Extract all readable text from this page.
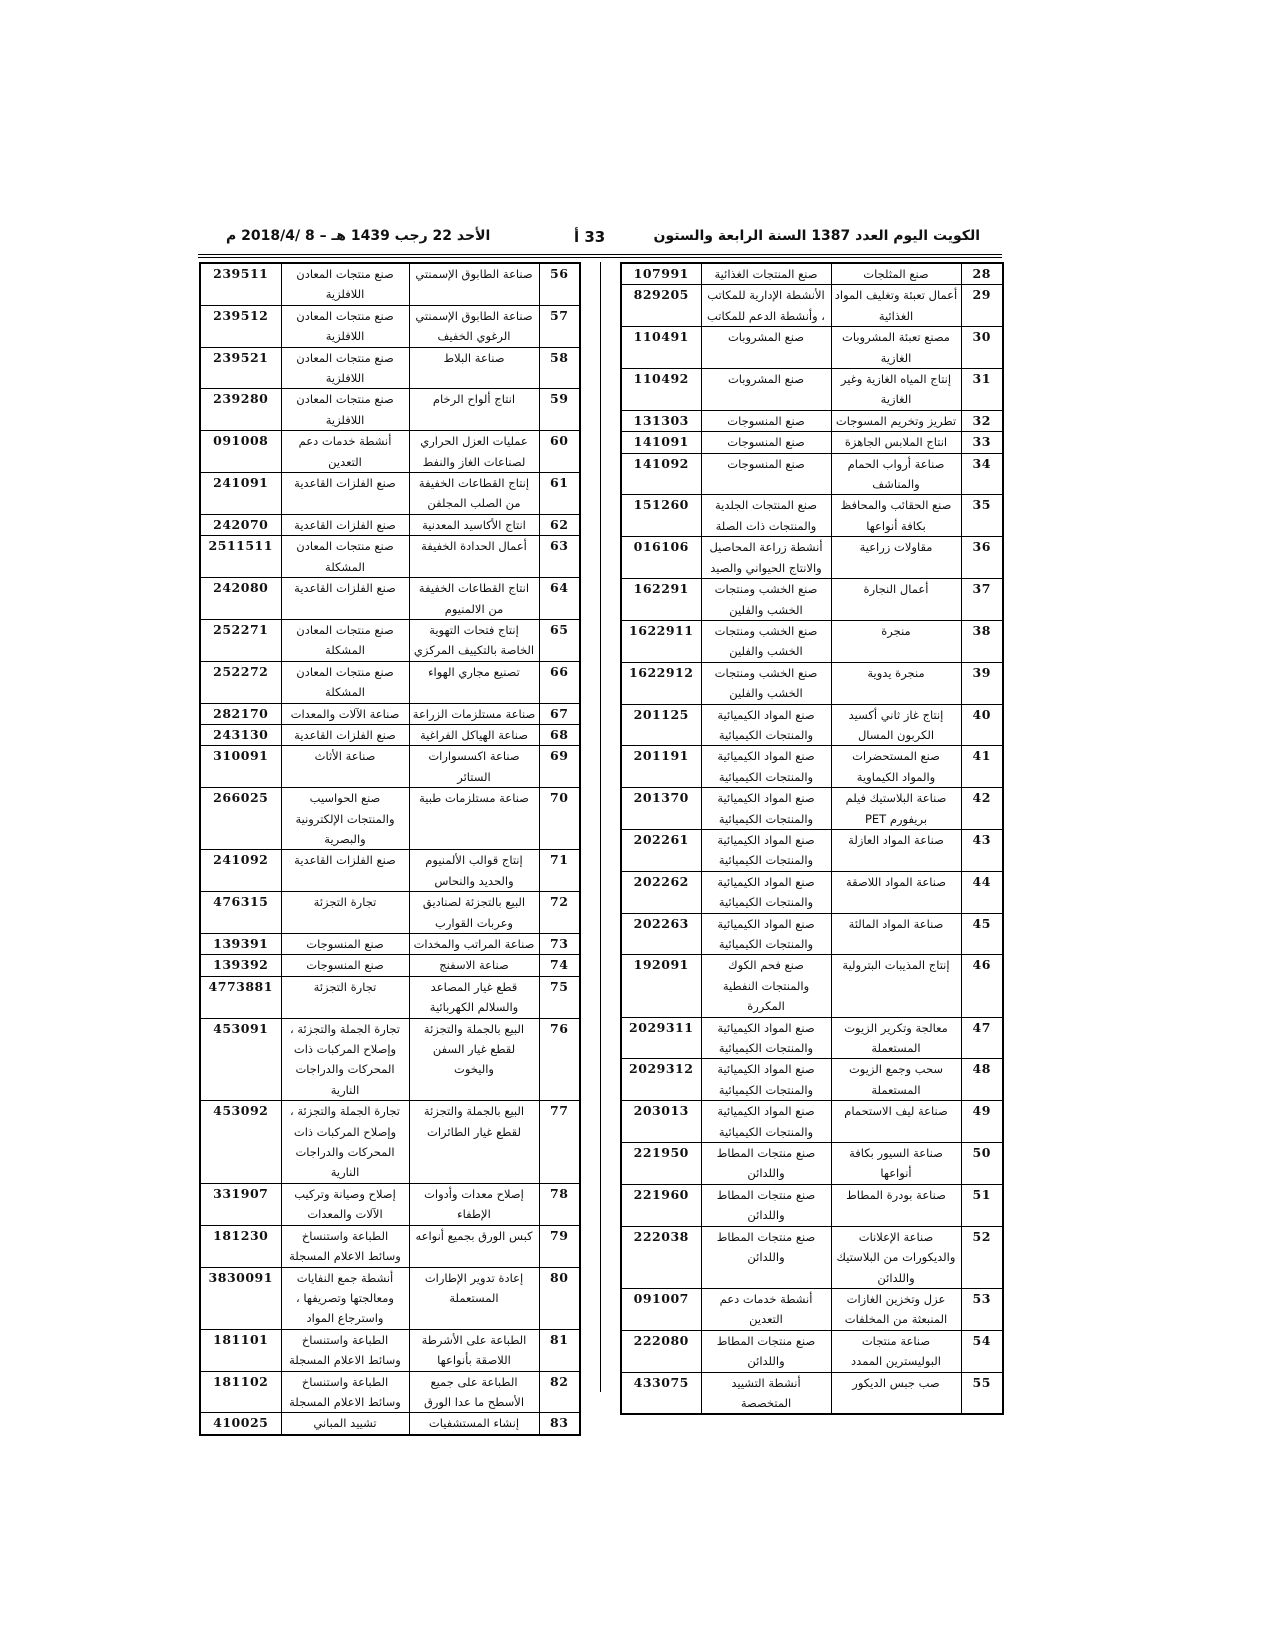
الكويت اليوم العدد 1387 السنة الرابعة والستون
33 أ
الأحد 22 رجب 1439 هـ – 8 /2018/4 م
28	صنع المثلجات	صنع المنتجات الغذائية	107991
29	أعمال تعبئة وتغليف المواد الغذائية	الأنشطة الإدارية للمكاتب ، وأنشطة الدعم للمكاتب	829205
30	مصنع تعبئة المشروبات الغازية	صنع المشروبات	110491
31	إنتاج المياه الغازية وغير الغازية	صنع المشروبات	110492
32	تطريز وتخريم المسوجات	صنع المنسوجات	131303
33	انتاج الملابس الجاهزة	صنع المنسوجات	141091
34	صناعة أرواب الحمام والمناشف	صنع المنسوجات	141092
35	صنع الحقائب والمحافظ بكافة أنواعها	صنع المنتجات الجلدية والمنتجات ذات الصلة	151260
36	مقاولات زراعية	أنشطة زراعة المحاصيل والانتاج الحيواني والصيد	016106
37	أعمال النجارة	صنع الخشب ومنتجات الخشب والفلين	162291
38	منجرة	صنع الخشب ومنتجات الخشب والفلين	1622911
39	منجرة يدوية	صنع الخشب ومنتجات الخشب والفلين	1622912
40	إنتاج غاز ثاني أكسيد الكربون المسال	صنع المواد الكيميائية والمنتجات الكيميائية	201125
41	صنع المستحضرات والمواد الكيماوية	صنع المواد الكيميائية والمنتجات الكيميائية	201191
42	صناعة البلاستيك فيلم بريفورم PET	صنع المواد الكيميائية والمنتجات الكيميائية	201370
43	صناعة المواد العازلة	صنع المواد الكيميائية والمنتجات الكيميائية	202261
44	صناعة المواد اللاصقة	صنع المواد الكيميائية والمنتجات الكيميائية	202262
45	صناعة المواد المالئة	صنع المواد الكيميائية والمنتجات الكيميائية	202263
46	إنتاج المذيبات البترولية	صنع فحم الكوك والمنتجات النفطية المكررة	192091
47	معالجة وتكرير الزيوت المستعملة	صنع المواد الكيميائية والمنتجات الكيميائية	2029311
48	سحب وجمع الزيوت المستعملة	صنع المواد الكيميائية والمنتجات الكيميائية	2029312
49	صناعة ليف الاستحمام	صنع المواد الكيميائية والمنتجات الكيميائية	203013
50	صناعة السيور بكافة أنواعها	صنع منتجات المطاط واللدائن	221950
51	صناعة بودرة المطاط	صنع منتجات المطاط واللدائن	221960
52	صناعة الإعلانات والديكورات من البلاستيك واللدائن	صنع منتجات المطاط واللدائن	222038
53	عزل وتخزين الغازات المنبعثة من المخلفات	أنشطة خدمات دعم التعدين	091007
54	صناعة منتجات البوليسترين الممدد	صنع منتجات المطاط واللدائن	222080
55	صب جبس الديكور	أنشطة التشييد المتخصصة	433075
56	صناعة الطابوق الإسمنتي	صنع منتجات المعادن اللافلزية	239511
57	صناعة الطابوق الإسمنتي الرغوي الخفيف	صنع منتجات المعادن اللافلزية	239512
58	صناعة البلاط	صنع منتجات المعادن اللافلزية	239521
59	انتاج ألواح الرخام	صنع منتجات المعادن اللافلزية	239280
60	عمليات العزل الحراري لصناعات الغاز والنفط	أنشطة خدمات دعم التعدين	091008
61	إنتاج القطاعات الخفيفة من الصلب المجلفن	صنع الفلزات القاعدية	241091
62	انتاج الأكاسيد المعدنية	صنع الفلزات القاعدية	242070
63	أعمال الحدادة الخفيفة	صنع منتجات المعادن المشكلة	2511511
64	انتاج القطاعات الخفيفة من الالمنيوم	صنع الفلزات القاعدية	242080
65	إنتاج فتحات التهوية الخاصة بالتكييف المركزي	صنع منتجات المعادن المشكلة	252271
66	تصنيع مجاري الهواء	صنع منتجات المعادن المشكلة	252272
67	صناعة مستلزمات الزراعة	صناعة الآلات والمعدات	282170
68	صناعة الهياكل الفراغية	صنع الفلزات القاعدية	243130
69	صناعة اكسسوارات الستائر	صناعة الأثاث	310091
70	صناعة مستلزمات طبية	صنع الحواسيب والمنتجات الإلكترونية والبصرية	266025
71	إنتاج قوالب الألمنيوم والحديد والنحاس	صنع الفلزات القاعدية	241092
72	البيع بالتجزئة لصناديق وعربات القوارب	تجارة التجزئة	476315
73	صناعة المراتب والمخدات	صنع المنسوجات	139391
74	صناعة الاسفنج	صنع المنسوجات	139392
75	قطع غيار المصاعد والسلالم الكهربائية	تجارة التجزئة	4773881
76	البيع بالجملة والتجزئة لقطع غيار السفن واليخوت	تجارة الجملة والتجزئة ، وإصلاح المركبات ذات المحركات والدراجات النارية	453091
77	البيع بالجملة والتجزئة لقطع غيار الطائرات	تجارة الجملة والتجزئة ، وإصلاح المركبات ذات المحركات والدراجات النارية	453092
78	إصلاح معدات وأدوات الإطفاء	إصلاح وصيانة وتركيب الآلات والمعدات	331907
79	كبس الورق بجميع أنواعه	الطباعة واستنساخ وسائط الاعلام المسجلة	181230
80	إعادة تدوير الإطارات المستعملة	أنشطة جمع النفايات ومعالجتها وتصريفها ، واسترجاع المواد	3830091
81	الطباعة على الأشرطة اللاصقة بأنواعها	الطباعة واستنساخ وسائط الاعلام المسجلة	181101
82	الطباعة على جميع الأسطح ما عدا الورق	الطباعة واستنساخ وسائط الاعلام المسجلة	181102
83	إنشاء المستشفيات	تشييد المباني	410025
